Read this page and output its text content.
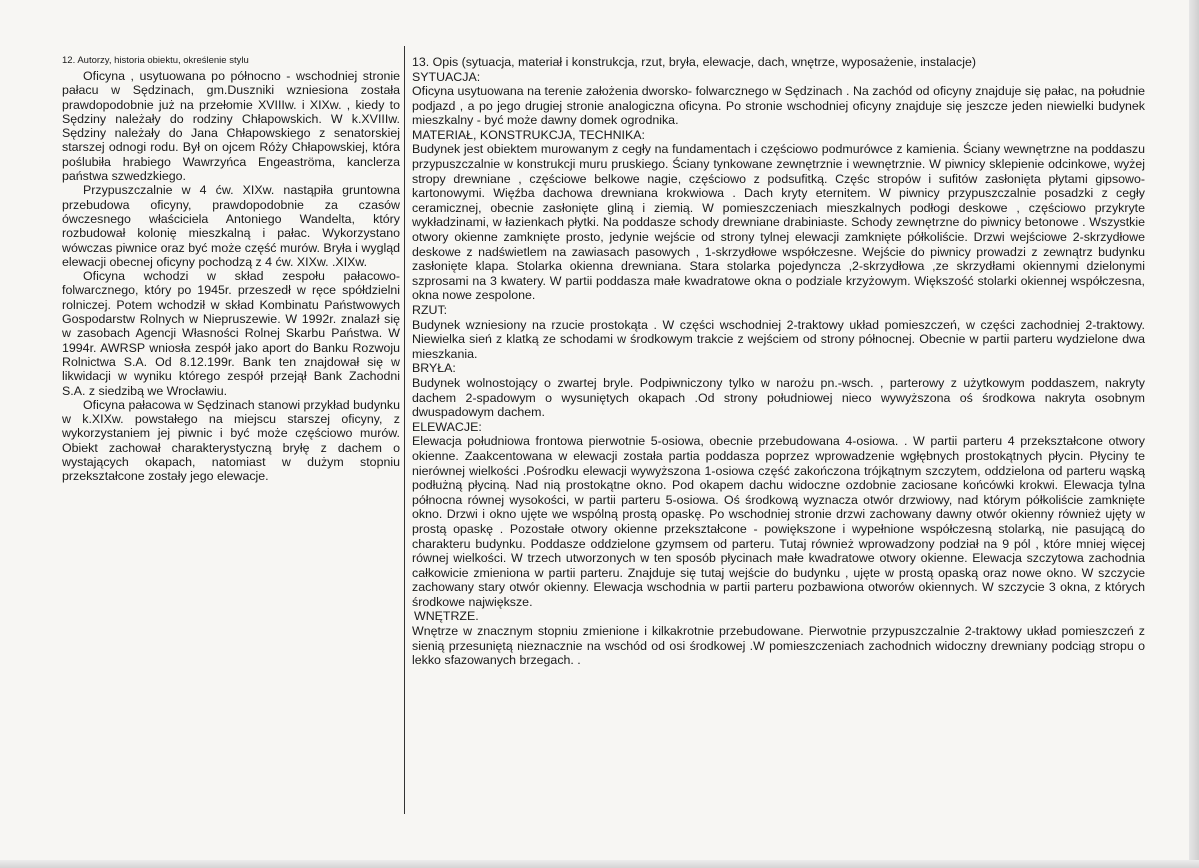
12. Autorzy, historia obiektu, określenie stylu

Oficyna , usytuowana po północno - wschodniej stronie pałacu w Sędzinach, gm.Duszniki wzniesiona została prawdopodobnie już na przełomie XVIIIw. i XIXw. , kiedy to Sędziny należały do rodziny Chłapowskich. W k.XVIIIw. Sędziny należały do Jana Chłapowskiego z senatorskiej starszej odnogi rodu. Był on ojcem Róży Chłapowskiej, która poślubiła hrabiego Wawrzyńca Engeaströma, kanclerza państwa szwedzkiego.

Przypuszczalnie w 4 ćw. XIXw. nastąpiła gruntowna przebudowa oficyny, prawdopodobnie za czasów ówczesnego właściciela Antoniego Wandelta, który rozbudował kolonię mieszkalną i pałac. Wykorzystano wówczas piwnice oraz być może część murów. Bryła i wygląd elewacji obecnej oficyny pochodzą z 4 ćw. XIXw. .XIXw.

Oficyna wchodzi w skład zespołu pałacowo-folwarcznego, który po 1945r. przeszedł w ręce spółdzielni rolniczej. Potem wchodził w skład Kombinatu Państwowych Gospodarstw Rolnych w Niepruszewie. W 1992r. znalazł się w zasobach Agencji Własności Rolnej Skarbu Państwa. W 1994r. AWRSP wniosła zespół jako aport do Banku Rozwoju Rolnictwa S.A. Od 8.12.199r. Bank ten znajdował się w likwidacji w wyniku którego zespół przejął Bank Zachodni S.A. z siedzibą we Wrocławiu.

Oficyna pałacowa w Sędzinach stanowi przykład budynku w k.XIXw. powstałego na miejscu starszej oficyny, z wykorzystaniem jej piwnic i być może częściowo murów. Obiekt zachował charakterystyczną bryłę z dachem o wystających okapach, natomiast w dużym stopniu przekształcone zostały jego elewacje.

13. Opis (sytuacja, materiał i konstrukcja, rzut, bryła, elewacje, dach, wnętrze, wyposażenie, instalacje)
SYTUACJA:

Oficyna usytuowana na terenie założenia dworsko- folwarcznego w Sędzinach . Na zachód od oficyny znajduje się pałac, na południe podjazd , a po jego drugiej stronie analogiczna oficyna. Po stronie wschodniej oficyny znajduje się jeszcze jeden niewielki budynek mieszkalny - być może dawny domek ogrodnika.

MATERIAŁ, KONSTRUKCJA, TECHNIKA:

Budynek jest obiektem murowanym z cegły na fundamentach i częściowo podmurówce z kamienia. Ściany wewnętrzne na poddaszu przypuszczalnie w konstrukcji muru pruskiego. Ściany tynkowane zewnętrznie i wewnętrznie. W piwnicy sklepienie odcinkowe, wyżej stropy drewniane , częściowe belkowe nagie, częściowo z podsufitką. Częśc stropów i sufitów zasłonięta płytami gipsowo- kartonowymi. Więźba dachowa drewniana krokwiowa . Dach kryty eternitem. W piwnicy przypuszczalnie posadzki z cegły ceramicznej, obecnie zasłonięte gliną i ziemią. W pomieszczeniach mieszkalnych podłogi deskowe , częściowo przykryte wykładzinami, w łazienkach płytki. Na poddasze schody drewniane drabiniaste. Schody zewnętrzne do piwnicy betonowe . Wszystkie otwory okienne zamknięte prosto, jedynie wejście od strony tylnej elewacji zamknięte półkoliście. Drzwi wejściowe 2-skrzydłowe deskowe z nadświetlem na zawiasach pasowych , 1-skrzydłowe współczesne. Wejście do piwnicy prowadzi z zewnątrz budynku zasłonięte klapa. Stolarka okienna drewniana. Stara stolarka pojedyncza ,2-skrzydłowa ,ze skrzydłami okiennymi dzielonymi szprosami na 3 kwatery. W partii poddasza małe kwadratowe okna o podziale krzyżowym. Większość stolarki okiennej współczesna, okna nowe zespolone.

RZUT:

Budynek wzniesiony na rzucie prostokąta . W części wschodniej 2-traktowy układ pomieszczeń, w części zachodniej 2-traktowy. Niewielka sień z klatką ze schodami w środkowym trakcie z wejściem od strony północnej. Obecnie w partii parteru wydzielone dwa mieszkania.

BRYŁA:

Budynek wolnostojący o zwartej bryle. Podpiwniczony tylko w narożu pn.-wsch. , parterowy z użytkowym poddaszem, nakryty dachem 2-spadowym o wysuniętych okapach .Od strony południowej nieco wywyższona oś środkowa nakryta osobnym dwuspadowym dachem.

ELEWACJE:

Elewacja południowa frontowa pierwotnie 5-osiowa, obecnie przebudowana 4-osiowa. . W partii parteru 4 przekształcone otwory okienne. Zaakcentowana w elewacji została partia poddasza poprzez wprowadzenie wgłębnych prostokątnych płycin. Płyciny te nierównej wielkości .Pośrodku elewacji wywyższona 1-osiowa część zakończona trójkątnym szczytem, oddzielona od parteru wąską podłużną płyciną. Nad nią prostokątne okno. Pod okapem dachu widoczne ozdobnie zaciosane końcówki krokwi. Elewacja tylna północna równej wysokości, w partii parteru 5-osiowa. Oś środkową wyznacza otwór drzwiowy, nad którym półkoliście zamknięte okno. Drzwi i okno ujęte we wspólną prostą opaskę. Po wschodniej stronie drzwi zachowany dawny otwór okienny również ujęty w prostą opaskę . Pozostałe otwory okienne przekształcone - powiększone i wypełnione współczesną stolarką, nie pasującą do charakteru budynku. Poddasze oddzielone gzymsem od parteru. Tutaj również wprowadzony podział na 9 pól , które mniej więcej równej wielkości. W trzech utworzonych w ten sposób płycinach małe kwadratowe otwory okienne. Elewacja szczytowa zachodnia całkowicie zmieniona w partii parteru. Znajduje się tutaj wejście do budynku , ujęte w prostą opaską oraz nowe okno. W szczycie zachowany stary otwór okienny. Elewacja wschodnia w partii parteru pozbawiona otworów okiennych. W szczycie 3 okna, z których środkowe największe.

WNĘTRZE.

Wnętrze w znacznym stopniu zmienione i kilkakrotnie przebudowane. Pierwotnie przypuszczalnie 2-traktowy układ pomieszczeń z sienią przesuniętą nieznacznie na wschód od osi środkowej .W pomieszczeniach zachodnich widoczny drewniany podciąg stropu o lekko sfazowanych brzegach. .
